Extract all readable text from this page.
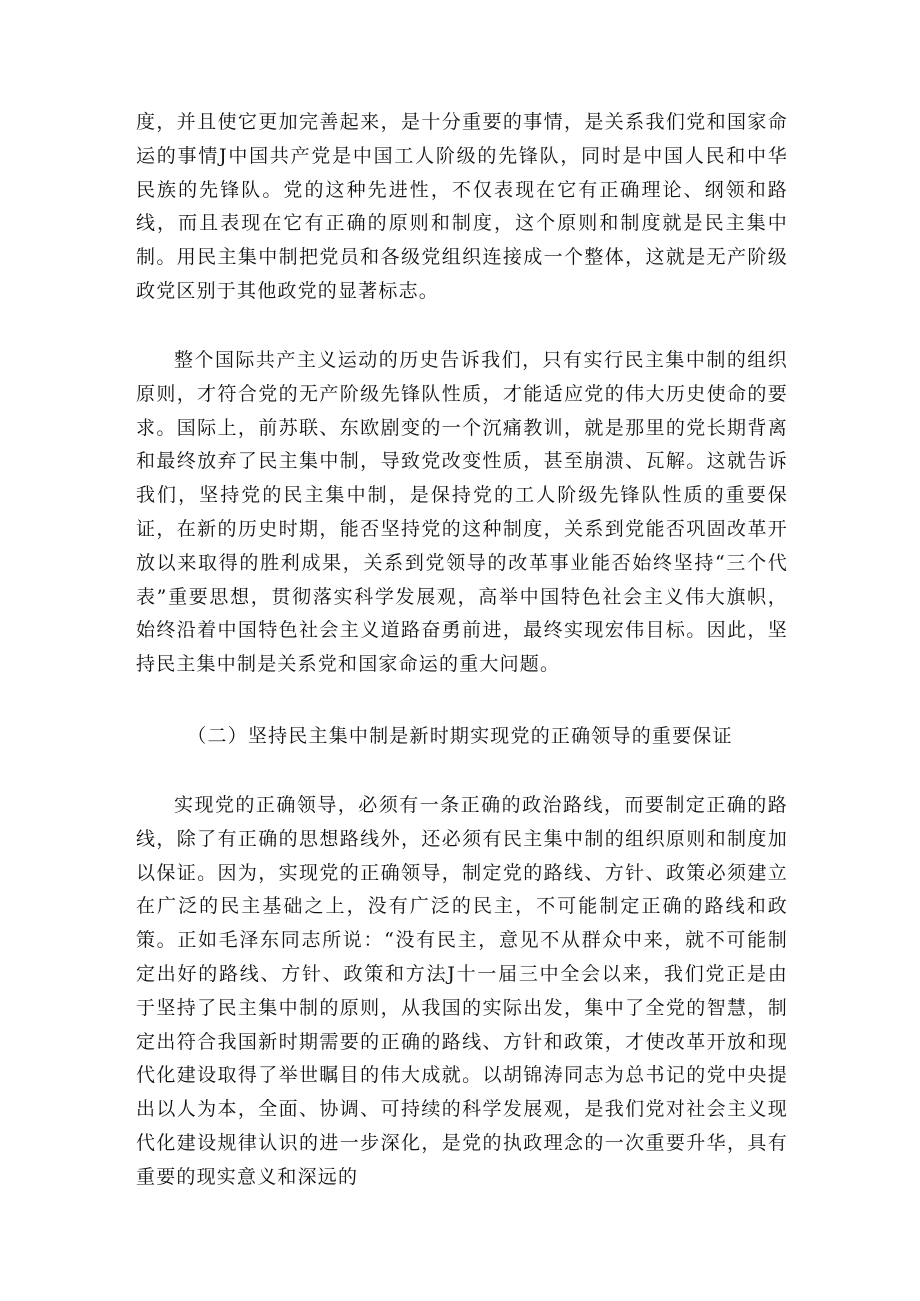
度，并且使它更加完善起来，是十分重要的事情，是关系我们党和国家命运的事情J中国共产党是中国工人阶级的先锋队，同时是中国人民和中华民族的先锋队。党的这种先进性，不仅表现在它有正确理论、纲领和路线，而且表现在它有正确的原则和制度，这个原则和制度就是民主集中制。用民主集中制把党员和各级党组织连接成一个整体，这就是无产阶级政党区别于其他政党的显著标志。

整个国际共产主义运动的历史告诉我们，只有实行民主集中制的组织原则，才符合党的无产阶级先锋队性质，才能适应党的伟大历史使命的要求。国际上，前苏联、东欧剧变的一个沉痛教训，就是那里的党长期背离和最终放弃了民主集中制，导致党改变性质，甚至崩溃、瓦解。这就告诉我们，坚持党的民主集中制，是保持党的工人阶级先锋队性质的重要保证，在新的历史时期，能否坚持党的这种制度，关系到党能否巩固改革开放以来取得的胜利成果，关系到党领导的改革事业能否始终坚持“三个代表”重要思想，贯彻落实科学发展观，高举中国特色社会主义伟大旗帜，始终沿着中国特色社会主义道路奋勇前进，最终实现宏伟目标。因此，坚持民主集中制是关系党和国家命运的重大问题。

（二）坚持民主集中制是新时期实现党的正确领导的重要保证

实现党的正确领导，必须有一条正确的政治路线，而要制定正确的路线，除了有正确的思想路线外，还必须有民主集中制的组织原则和制度加以保证。因为，实现党的正确领导，制定党的路线、方针、政策必须建立在广泛的民主基础之上，没有广泛的民主，不可能制定正确的路线和政策。正如毛泽东同志所说：“没有民主，意见不从群众中来，就不可能制定出好的路线、方针、政策和方法J十一届三中全会以来，我们党正是由于坚持了民主集中制的原则，从我国的实际出发，集中了全党的智慧，制定出符合我国新时期需要的正确的路线、方针和政策，才使改革开放和现代化建设取得了举世瞩目的伟大成就。以胡锦涛同志为总书记的党中央提出以人为本，全面、协调、可持续的科学发展观，是我们党对社会主义现代化建设规律认识的进一步深化，是党的执政理念的一次重要升华，具有重要的现实意义和深远的
